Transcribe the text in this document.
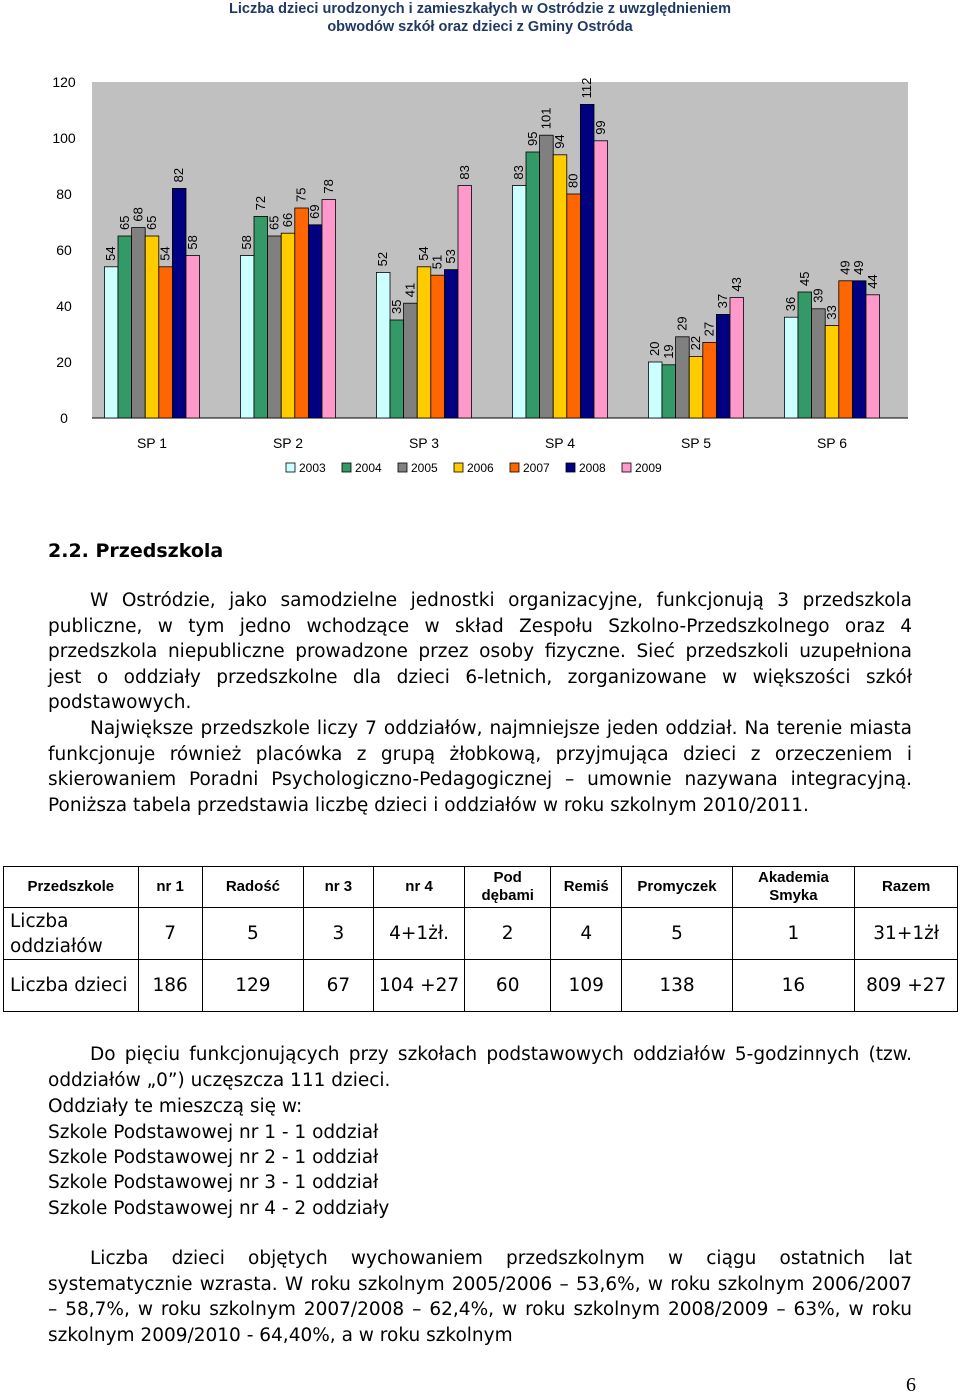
Liczba dzieci urodzonych i zamieszkałych w Ostródzie z uwzględnieniem
obwodów szkół oraz dzieci z Gminy Ostróda
0
20
40
60
80
100
120
54
58
52
83
20
36
65
72
35
95
19
45
68
65
41
101
29
39
65	66
54
94
22
33
54
75
51
80
27
49
82
69
53
112
37
49
58
78
83
99
43	44
SP 1	SP 2	SP 3	SP 4	SP 5	SP 6
2003 2004 2005 2006 2007 2008 2009
2.2. Przedszkola

W Ostródzie, jako samodzielne jednostki organizacyjne, funkcjonują 3 przedszkola publiczne, w tym jedno wchodzące w skład Zespołu Szkolno-Przedszkolnego oraz 4 przedszkola niepubliczne prowadzone przez osoby fizyczne. Sieć przedszkoli uzupełniona jest o oddziały przedszkolne dla dzieci 6-letnich, zorganizowane w większości szkół podstawowych.

Największe przedszkole liczy 7 oddziałów, najmniejsze jeden oddział. Na terenie miasta funkcjonuje również placówka z grupą żłobkową, przyjmująca dzieci z orzeczeniem i skierowaniem Poradni Psychologiczno-Pedagogicznej – umownie nazywana integracyjną. Poniższa tabela przedstawia liczbę dzieci i oddziałów w roku szkolnym 2010/2011.

Przedszkole	nr 1	Radość	nr 3	nr 4	Pod dębami	Remiś	Promyczek	Akademia Smyka	Razem
Liczba oddziałów	7	5	3	4+1żł.	2	4	5	1	31+1żł
Liczba dzieci	186	129	67	104 +27	60	109	138	16	809 +27

Do pięciu funkcjonujących przy szkołach podstawowych oddziałów 5-godzinnych (tzw. oddziałów „0”) uczęszcza 111 dzieci.

Oddziały te mieszczą się w:
Szkole Podstawowej nr 1 - 1 oddział
Szkole Podstawowej nr 2 - 1 oddział
Szkole Podstawowej nr 3 - 1 oddział
Szkole Podstawowej nr 4 - 2 oddziały

Liczba dzieci objętych wychowaniem przedszkolnym w ciągu ostatnich lat systematycznie wzrasta. W roku szkolnym 2005/2006 – 53,6%, w roku szkolnym 2006/2007 – 58,7%, w roku szkolnym 2007/2008 – 62,4%, w roku szkolnym 2008/2009 – 63%, w roku szkolnym 2009/2010 - 64,40%, a w roku szkolnym

6
